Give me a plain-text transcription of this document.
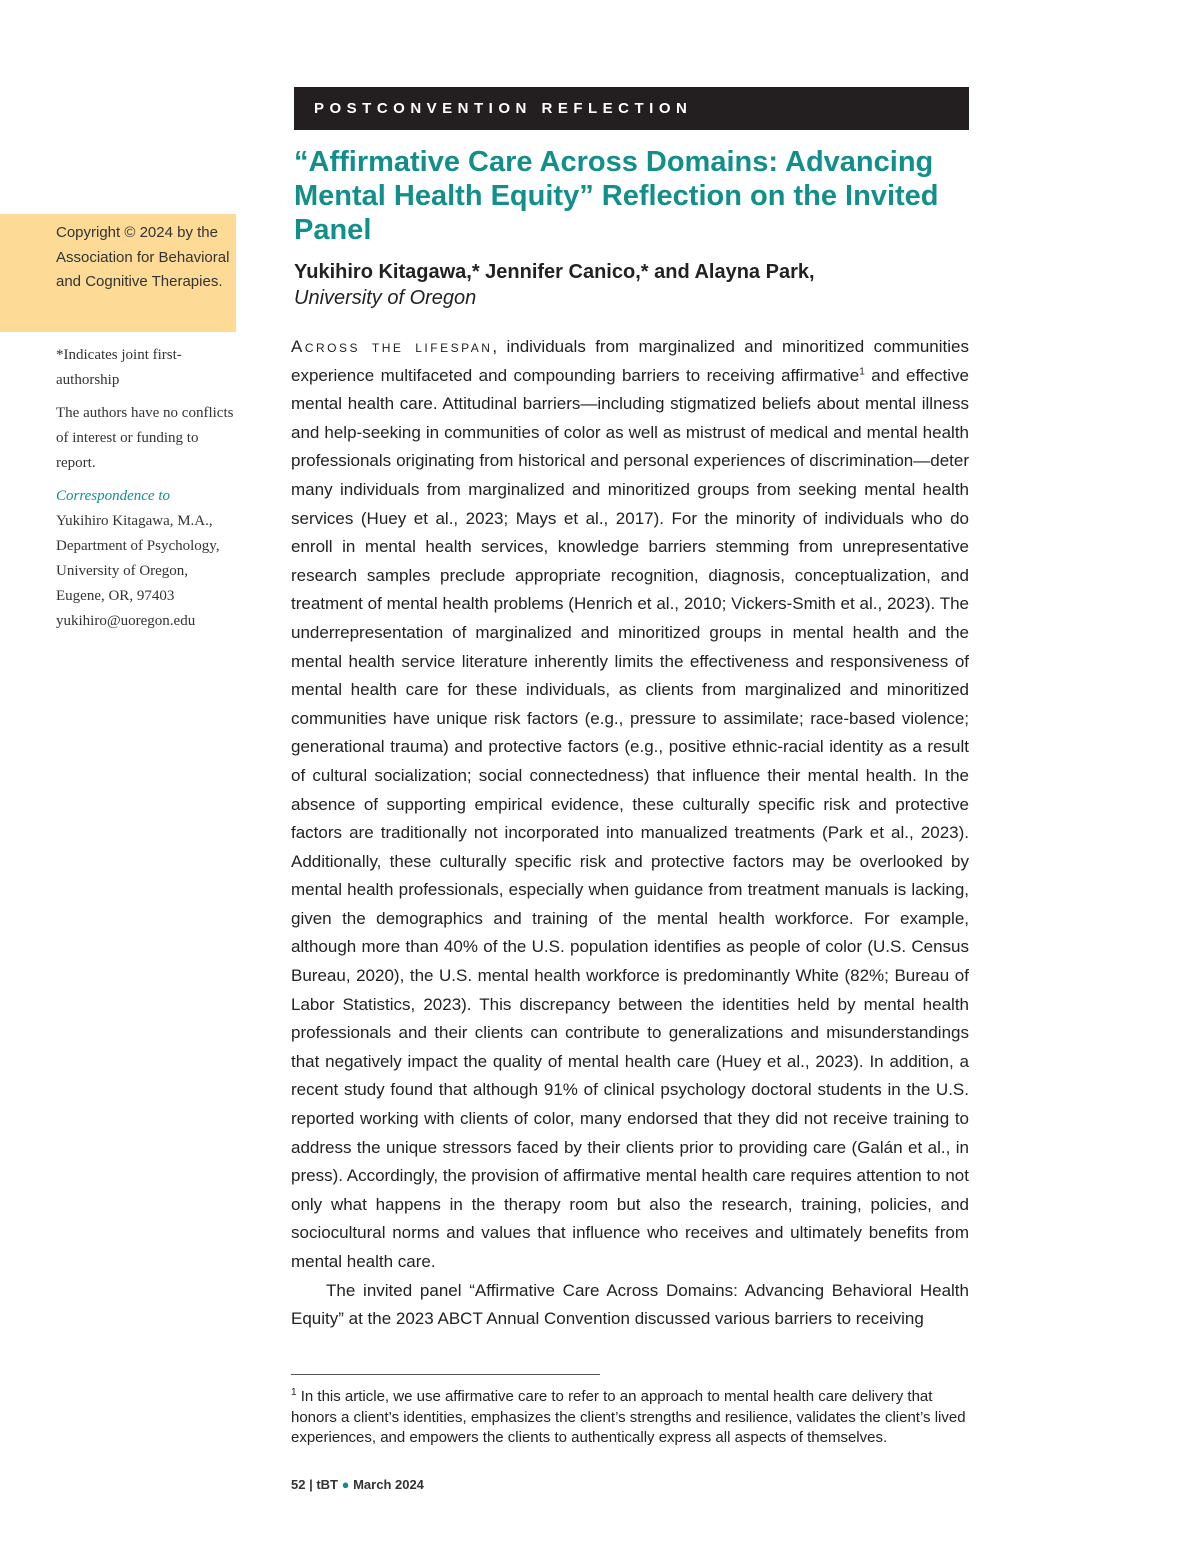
POSTCONVENTION REFLECTION
“Affirmative Care Across Domains: Advancing Mental Health Equity” Reflection on the Invited Panel

Yukihiro Kitagawa,* Jennifer Canico,* and Alayna Park,

University of Oregon

Copyright © 2024 by the Association for Behavioral and Cognitive Therapies.

*Indicates joint first-authorship

The authors have no conflicts of interest or funding to report.

Correspondence to

Yukihiro Kitagawa, M.A.,
Department of Psychology,
University of Oregon,
Eugene, OR, 97403
yukihiro@uoregon.edu

Across the lifespan, individuals from marginalized and minoritized communities experience multifaceted and compounding barriers to receiving affirmative$^1$ and effective mental health care. Attitudinal barriers—including stigmatized beliefs about mental illness and help-seeking in communities of color as well as mistrust of medical and mental health professionals originating from historical and personal experiences of discrimination—deter many individuals from marginalized and minoritized groups from seeking mental health services (Huey et al., 2023; Mays et al., 2017). For the minority of individuals who do enroll in mental health services, knowledge barriers stemming from unrepresentative research samples preclude appropriate recognition, diagnosis, conceptualization, and treatment of mental health problems (Henrich et al., 2010; Vickers-Smith et al., 2023). The underrepresentation of marginalized and minoritized groups in mental health and the mental health service literature inherently limits the effectiveness and responsiveness of mental health care for these individuals, as clients from marginalized and minoritized communities have unique risk factors (e.g., pressure to assimilate; race-based violence; generational trauma) and protective factors (e.g., positive ethnic-racial identity as a result of cultural socialization; social connectedness) that influence their mental health. In the absence of supporting empirical evidence, these culturally specific risk and protective factors are traditionally not incorporated into manualized treatments (Park et al., 2023). Additionally, these culturally specific risk and protective factors may be overlooked by mental health professionals, especially when guidance from treatment manuals is lacking, given the demographics and training of the mental health workforce. For example, although more than 40% of the U.S. population identifies as people of color (U.S. Census Bureau, 2020), the U.S. mental health workforce is predominantly White (82%; Bureau of Labor Statistics, 2023). This discrepancy between the identities held by mental health professionals and their clients can contribute to generalizations and misunderstandings that negatively impact the quality of mental health care (Huey et al., 2023). In addition, a recent study found that although 91% of clinical psychology doctoral students in the U.S. reported working with clients of color, many endorsed that they did not receive training to address the unique stressors faced by their clients prior to providing care (Galán et al., in press). Accordingly, the provision of affirmative mental health care requires attention to not only what happens in the therapy room but also the research, training, policies, and sociocultural norms and values that influence who receives and ultimately benefits from mental health care.

The invited panel “Affirmative Care Across Domains: Advancing Behavioral Health Equity” at the 2023 ABCT Annual Convention discussed various barriers to receiving

$^1$ In this article, we use affirmative care to refer to an approach to mental health care delivery that honors a client’s identities, emphasizes the client’s strengths and resilience, validates the client’s lived experiences, and empowers the clients to authentically express all aspects of themselves.

52 | tBT ● March 2024
